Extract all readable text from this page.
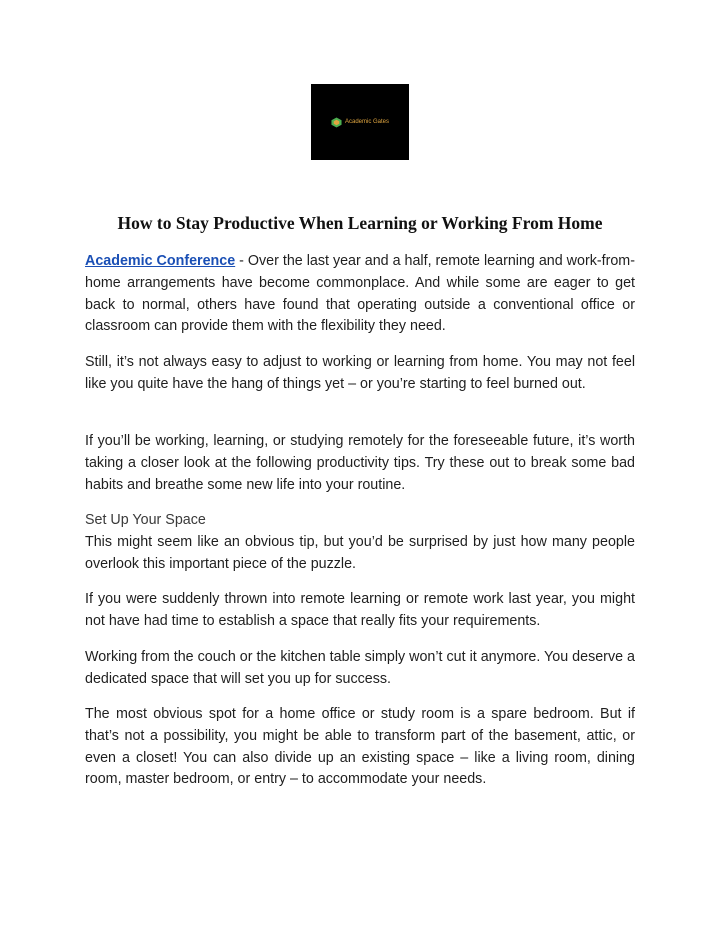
Academic Gates
How to Stay Productive When Learning or Working From Home
Academic Conference - Over the last year and a half, remote learning and work-from-home arrangements have become commonplace. And while some are eager to get back to normal, others have found that operating outside a conventional office or classroom can provide them with the flexibility they need.
Still, it’s not always easy to adjust to working or learning from home. You may not feel like you quite have the hang of things yet – or you’re starting to feel burned out.
If you’ll be working, learning, or studying remotely for the foreseeable future, it’s worth taking a closer look at the following productivity tips. Try these out to break some bad habits and breathe some new life into your routine.
Set Up Your Space
This might seem like an obvious tip, but you’d be surprised by just how many people overlook this important piece of the puzzle.
If you were suddenly thrown into remote learning or remote work last year, you might not have had time to establish a space that really fits your requirements.
Working from the couch or the kitchen table simply won’t cut it anymore. You deserve a dedicated space that will set you up for success.
The most obvious spot for a home office or study room is a spare bedroom. But if that’s not a possibility, you might be able to transform part of the basement, attic, or even a closet! You can also divide up an existing space – like a living room, dining room, master bedroom, or entry – to accommodate your needs.
